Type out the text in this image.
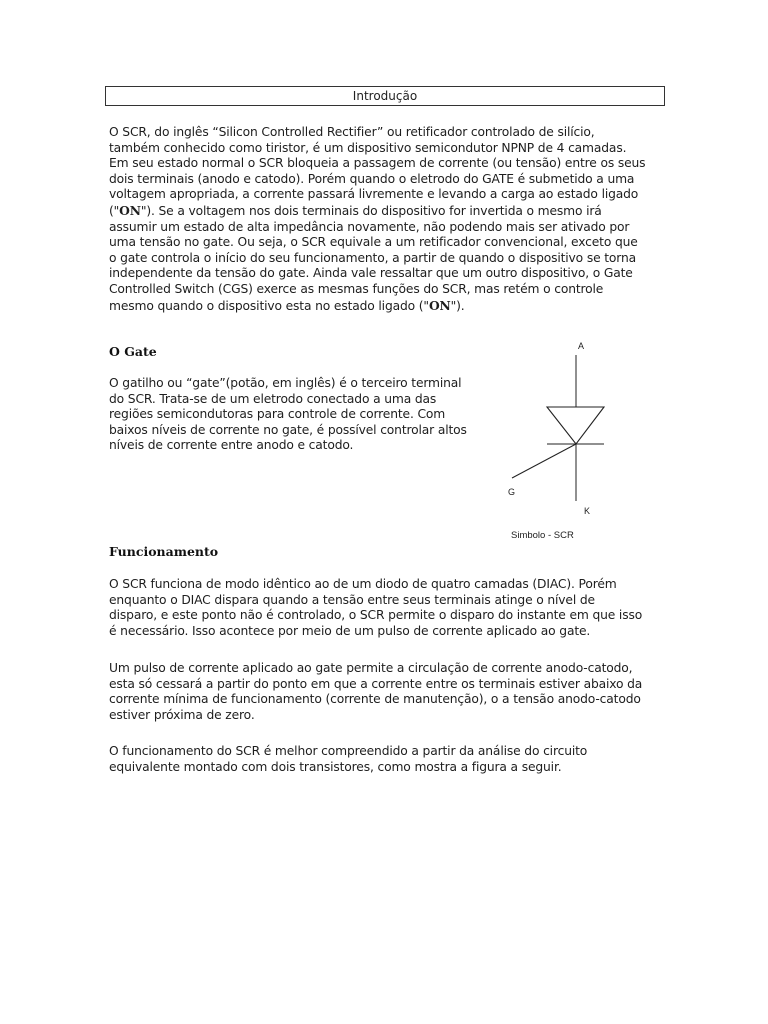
Introdução
O SCR, do inglês “Silicon Controlled Rectifier” ou retificador controlado de silício,
também conhecido como tiristor, é um dispositivo semicondutor NPNP de 4 camadas.
Em seu estado normal o SCR bloqueia a passagem de corrente (ou tensão) entre os seus
dois terminais (anodo e catodo). Porém quando o eletrodo do GATE é submetido a uma
voltagem apropriada, a corrente passará livremente e levando a carga ao estado ligado
("ON"). Se a voltagem nos dois terminais do dispositivo for invertida o mesmo irá
assumir um estado de alta impedância novamente, não podendo mais ser ativado por
uma tensão no gate. Ou seja, o SCR equivale a um retificador convencional, exceto que
o gate controla o início do seu funcionamento, a partir de quando o dispositivo se torna
independente da tensão do gate. Ainda vale ressaltar que um outro dispositivo, o Gate
Controlled Switch (CGS) exerce as mesmas funções do SCR, mas retém o controle
mesmo quando o dispositivo esta no estado ligado ("ON").
O Gate
O gatilho ou “gate”(potão, em inglês) é o terceiro terminal
do SCR. Trata-se de um eletrodo conectado a uma das
regiões semicondutoras para controle de corrente. Com
baixos níveis de corrente no gate, é possível controlar altos
níveis de corrente entre anodo e catodo.
A
G
K
Simbolo - SCR
Funcionamento
O SCR funciona de modo idêntico ao de um diodo de quatro camadas (DIAC). Porém
enquanto o DIAC dispara quando a tensão entre seus terminais atinge o nível de
disparo, e este ponto não é controlado, o SCR permite o disparo do instante em que isso
é necessário. Isso acontece por meio de um pulso de corrente aplicado ao gate.
Um pulso de corrente aplicado ao gate permite a circulação de corrente anodo-catodo,
esta só cessará a partir do ponto em que a corrente entre os terminais estiver abaixo da
corrente mínima de funcionamento (corrente de manutenção), o a tensão anodo-catodo
estiver próxima de zero.
O funcionamento do SCR é melhor compreendido a partir da análise do circuito
equivalente montado com dois transistores, como mostra a figura a seguir.
